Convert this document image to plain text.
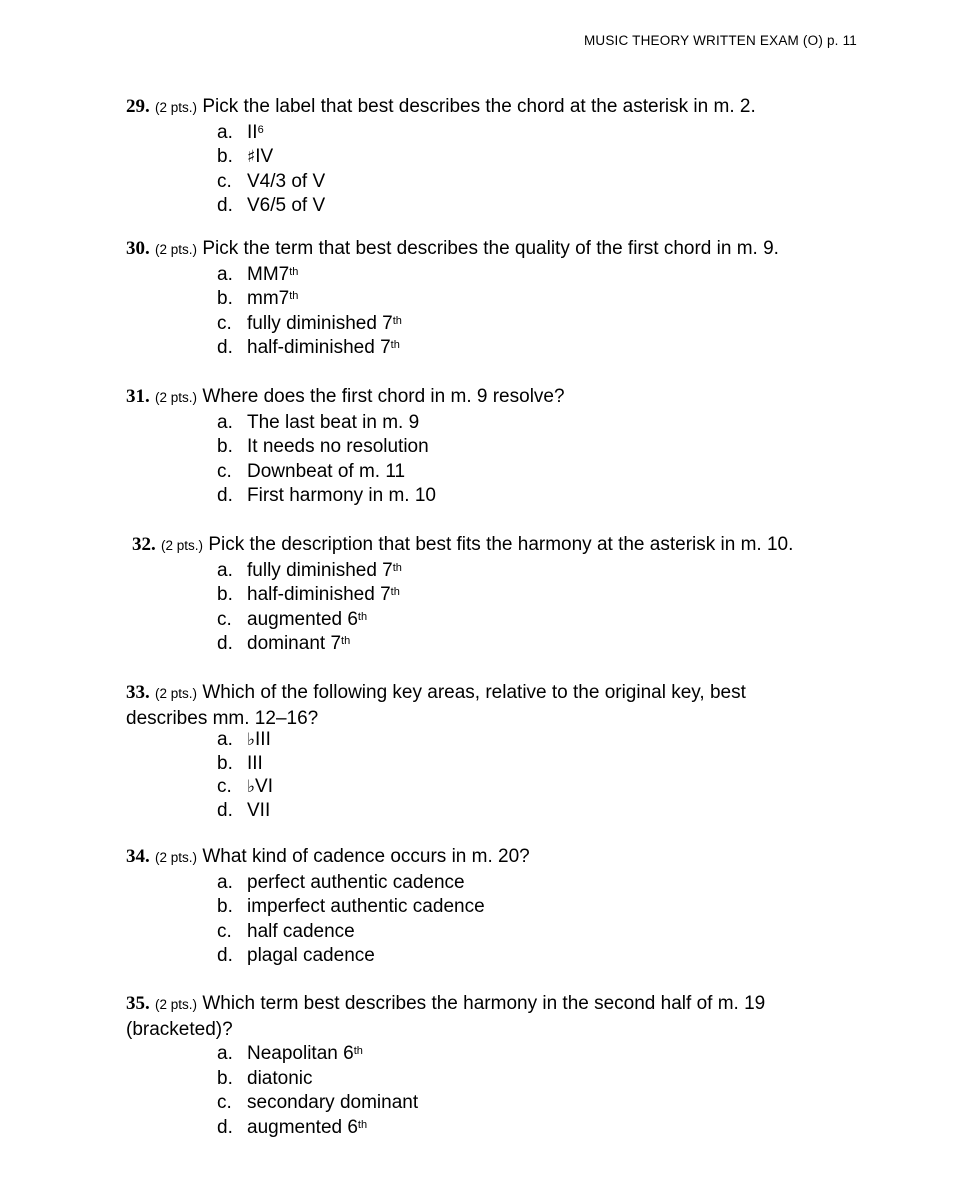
MUSIC THEORY WRITTEN EXAM (O) p. 11
29. (2 pts.) Pick the label that best describes the chord at the asterisk in m. 2.
a. $II^6$
b. ♯IV
c. V4/3 of V
d. V6/5 of V
30. (2 pts.) Pick the term that best describes the quality of the first chord in m. 9.
a. MM7th
b. mm7th
c. fully diminished 7th
d. half-diminished 7th
31. (2 pts.) Where does the first chord in m. 9 resolve?
a. The last beat in m. 9
b. It needs no resolution
c. Downbeat of m. 11
d. First harmony in m. 10
32. (2 pts.) Pick the description that best fits the harmony at the asterisk in m. 10.
a. fully diminished 7th
b. half-diminished 7th
c. augmented 6th
d. dominant 7th
33. (2 pts.) Which of the following key areas, relative to the original key, best
describes mm. 12–16?
a. ♭III
b. III
c. ♭VI
d. VII
34. (2 pts.) What kind of cadence occurs in m. 20?
a. perfect authentic cadence
b. imperfect authentic cadence
c. half cadence
d. plagal cadence
35. (2 pts.) Which term best describes the harmony in the second half of m. 19
(bracketed)?
a. Neapolitan 6th
b. diatonic
c. secondary dominant
d. augmented 6th
